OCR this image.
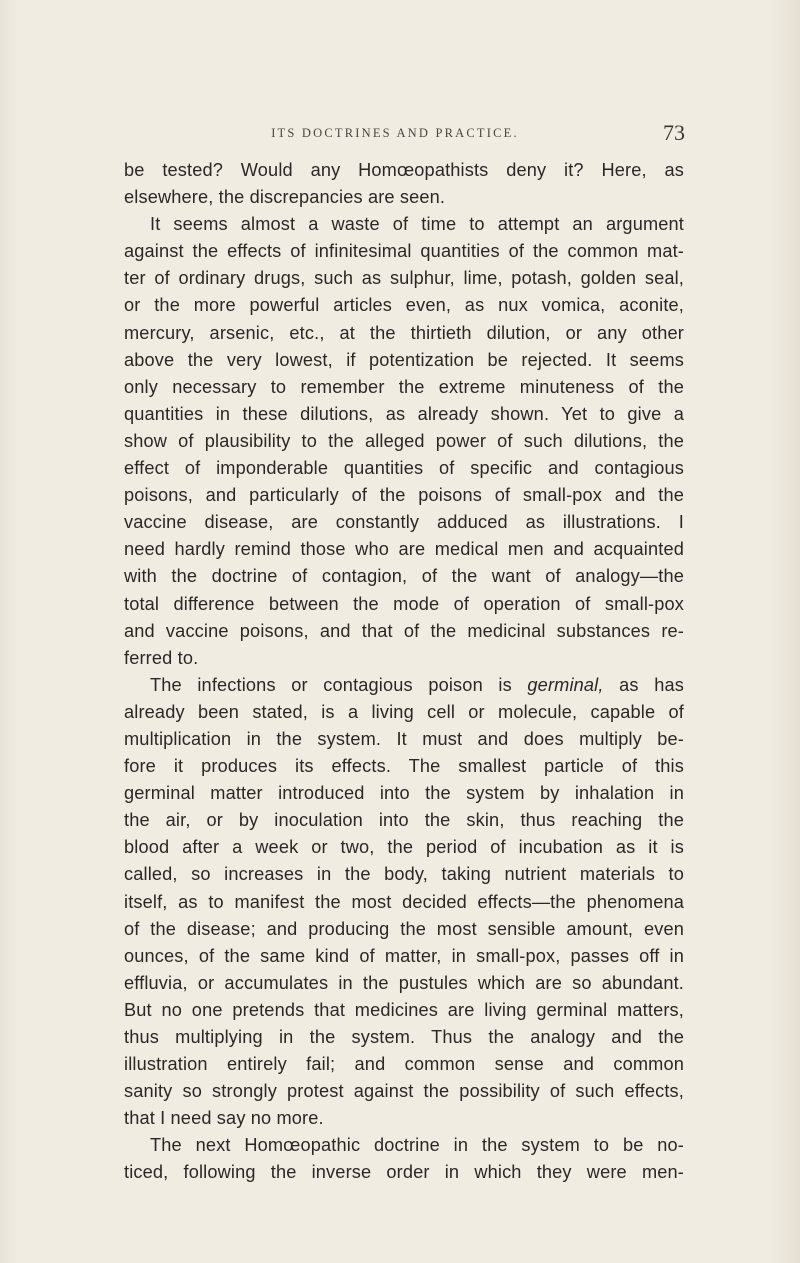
ITS DOCTRINES AND PRACTICE.	73
be tested? Would any Homœopathists deny it? Here, as
elsewhere, the discrepancies are seen.
It seems almost a waste of time to attempt an argument
against the effects of infinitesimal quantities of the common mat-
ter of ordinary drugs, such as sulphur, lime, potash, golden seal,
or the more powerful articles even, as nux vomica, aconite,
mercury, arsenic, etc., at the thirtieth dilution, or any other
above the very lowest, if potentization be rejected. It seems
only necessary to remember the extreme minuteness of the
quantities in these dilutions, as already shown. Yet to give a
show of plausibility to the alleged power of such dilutions, the
effect of imponderable quantities of specific and contagious
poisons, and particularly of the poisons of small-pox and the
vaccine disease, are constantly adduced as illustrations. I
need hardly remind those who are medical men and acquainted
with the doctrine of contagion, of the want of analogy—the
total difference between the mode of operation of small-pox
and vaccine poisons, and that of the medicinal substances re-
ferred to.
The infections or contagious poison is germinal, as has
already been stated, is a living cell or molecule, capable of
multiplication in the system. It must and does multiply be-
fore it produces its effects. The smallest particle of this
germinal matter introduced into the system by inhalation in
the air, or by inoculation into the skin, thus reaching the
blood after a week or two, the period of incubation as it is
called, so increases in the body, taking nutrient materials to
itself, as to manifest the most decided effects—the phenomena
of the disease; and producing the most sensible amount, even
ounces, of the same kind of matter, in small-pox, passes off in
effluvia, or accumulates in the pustules which are so abundant.
But no one pretends that medicines are living germinal matters,
thus multiplying in the system. Thus the analogy and the
illustration entirely fail; and common sense and common
sanity so strongly protest against the possibility of such effects,
that I need say no more.
The next Homœopathic doctrine in the system to be no-
ticed, following the inverse order in which they were men-
